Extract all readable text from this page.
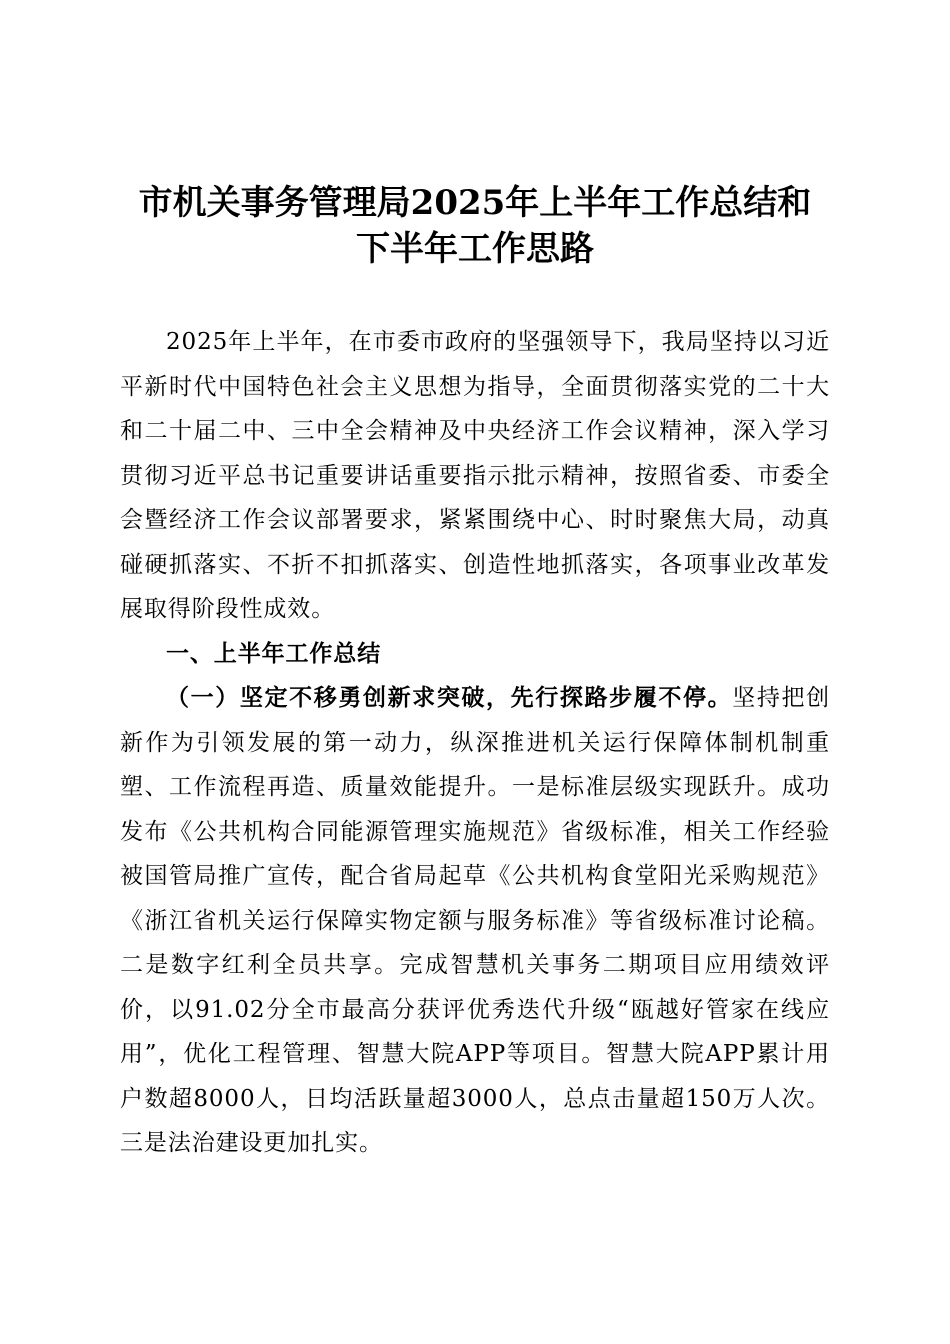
市机关事务管理局2025年上半年工作总结和
下半年工作思路

2025年上半年，在市委市政府的坚强领导下，我局坚持以习近平新时代中国特色社会主义思想为指导，全面贯彻落实党的二十大和二十届二中、三中全会精神及中央经济工作会议精神，深入学习贯彻习近平总书记重要讲话重要指示批示精神，按照省委、市委全会暨经济工作会议部署要求，紧紧围绕中心、时时聚焦大局，动真碰硬抓落实、不折不扣抓落实、创造性地抓落实，各项事业改革发展取得阶段性成效。

一、上半年工作总结

（一）坚定不移勇创新求突破，先行探路步履不停。坚持把创新作为引领发展的第一动力，纵深推进机关运行保障体制机制重塑、工作流程再造、质量效能提升。一是标准层级实现跃升。成功发布《公共机构合同能源管理实施规范》省级标准，相关工作经验被国管局推广宣传，配合省局起草《公共机构食堂阳光采购规范》《浙江省机关运行保障实物定额与服务标准》等省级标准讨论稿。二是数字红利全员共享。完成智慧机关事务二期项目应用绩效评价，以91.02分全市最高分获评优秀迭代升级“瓯越好管家在线应用”，优化工程管理、智慧大院APP等项目。智慧大院APP累计用户数超8000人，日均活跃量超3000人，总点击量超150万人次。三是法治建设更加扎实。
